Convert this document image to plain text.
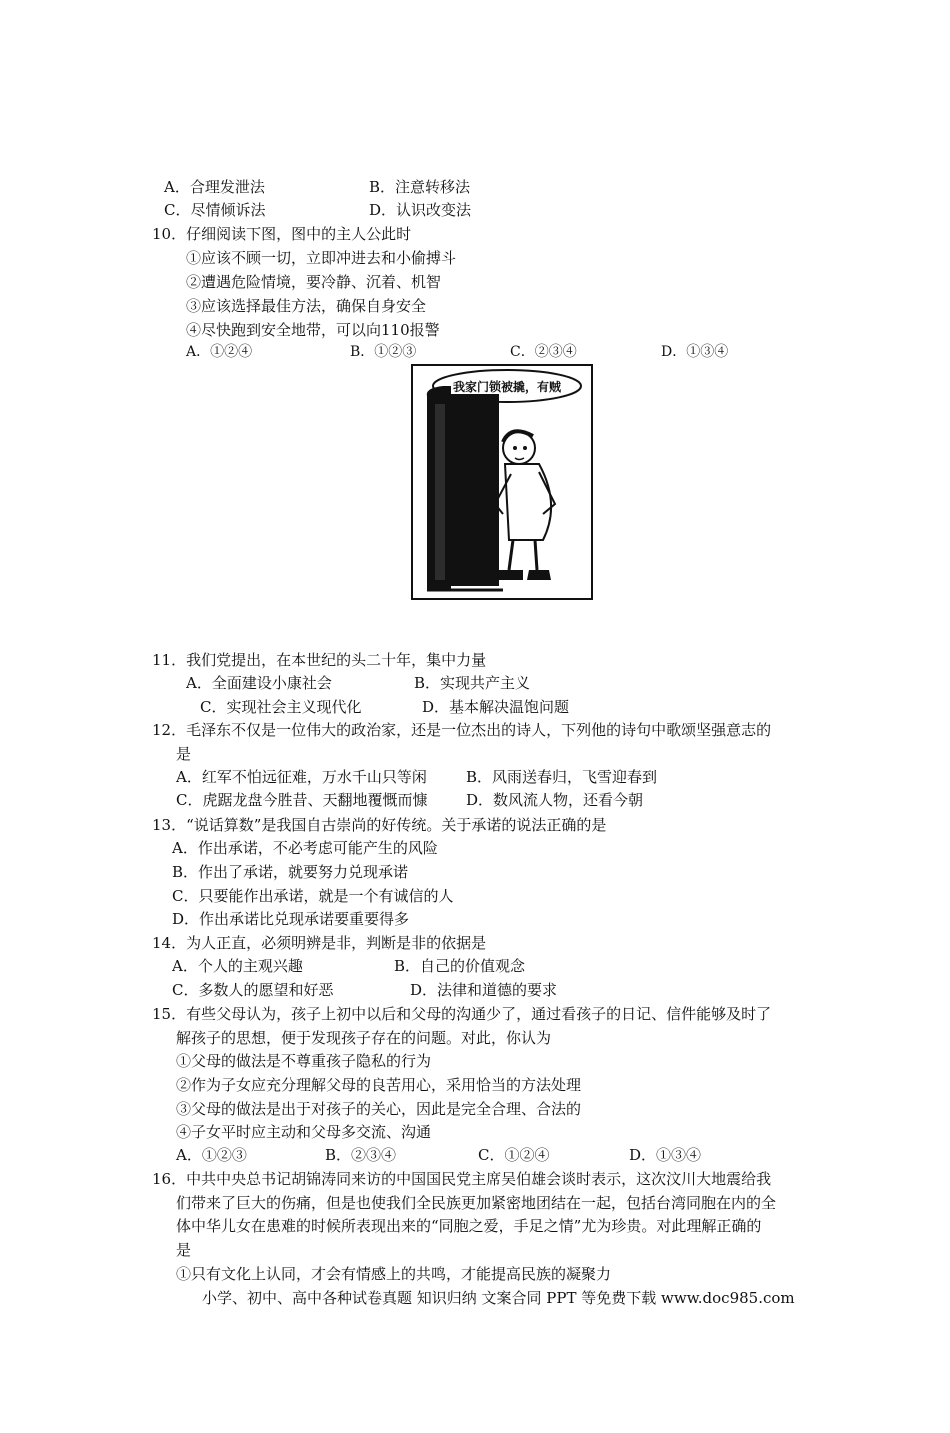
A．合理发泄法	B．注意转移法
C．尽情倾诉法	D．认识改变法
10．仔细阅读下图，图中的主人公此时
①应该不顾一切，立即冲进去和小偷搏斗
②遭遇危险情境，要冷静、沉着、机智
③应该选择最佳方法，确保自身安全
④尽快跑到安全地带，可以向110报警
A．①②④	B．①②③	C．②③④	D．①③④
我家门锁被撬，有贼
11．我们党提出，在本世纪的头二十年，集中力量
A．全面建设小康社会	B．实现共产主义
C．实现社会主义现代化	D．基本解决温饱问题
12．毛泽东不仅是一位伟大的政治家，还是一位杰出的诗人，下列他的诗句中歌颂坚强意志的
是
A．红军不怕远征难，万水千山只等闲	B．风雨送春归，飞雪迎春到
C．虎踞龙盘今胜昔、天翻地覆慨而慷	D．数风流人物，还看今朝
13．“说话算数”是我国自古崇尚的好传统。关于承诺的说法正确的是
A．作出承诺，不必考虑可能产生的风险
B．作出了承诺，就要努力兑现承诺
C．只要能作出承诺，就是一个有诚信的人
D．作出承诺比兑现承诺要重要得多
14．为人正直，必须明辨是非，判断是非的依据是
A．个人的主观兴趣	B．自己的价值观念
C．多数人的愿望和好恶	D．法律和道德的要求
15．有些父母认为，孩子上初中以后和父母的沟通少了，通过看孩子的日记、信件能够及时了
解孩子的思想，便于发现孩子存在的问题。对此，你认为
①父母的做法是不尊重孩子隐私的行为
②作为子女应充分理解父母的良苦用心，采用恰当的方法处理
③父母的做法是出于对孩子的关心，因此是完全合理、合法的
④子女平时应主动和父母多交流、沟通
A．①②③	B．②③④	C．①②④	D．①③④
16．中共中央总书记胡锦涛同来访的中国国民党主席吴伯雄会谈时表示，这次汶川大地震给我
们带来了巨大的伤痛，但是也使我们全民族更加紧密地团结在一起，包括台湾同胞在内的全
体中华儿女在患难的时候所表现出来的“同胞之爱，手足之情”尤为珍贵。对此理解正确的
是
①只有文化上认同，才会有情感上的共鸣，才能提高民族的凝聚力
小学、初中、高中各种试卷真题 知识归纳 文案合同 PPT 等免费下载 www.doc985.com
